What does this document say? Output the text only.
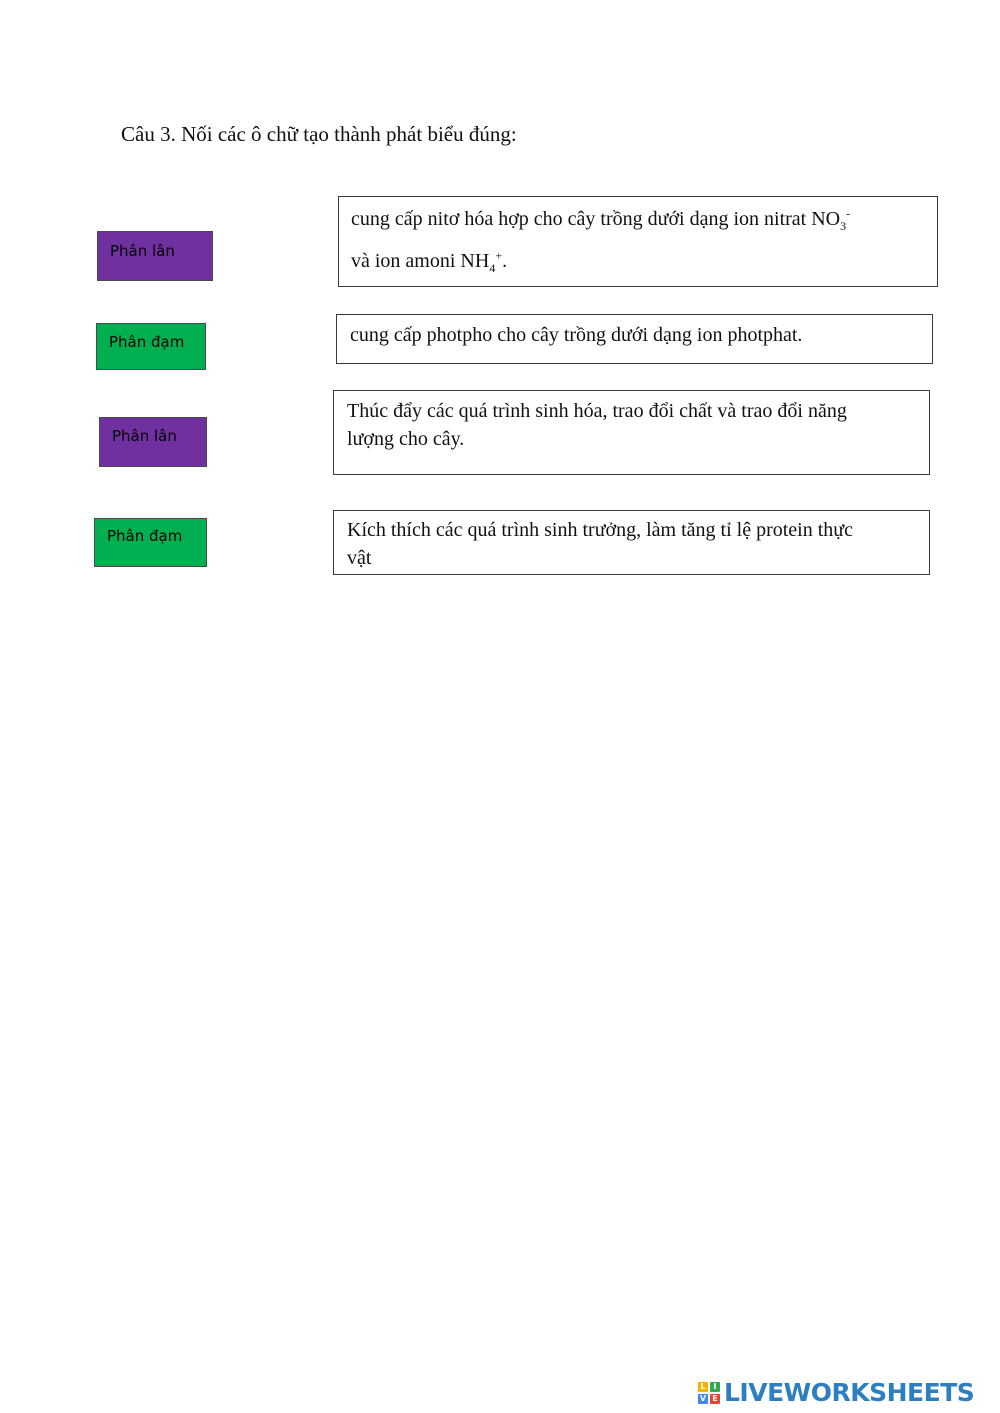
Câu 3. Nối các ô chữ tạo thành phát biểu đúng:
Phân lân
Phân đạm
Phân lân
Phân đạm
cung cấp nitơ hóa hợp cho cây trồng dưới dạng ion nitrat $NO_3^-$
và ion amoni $NH_4^+$.
cung cấp photpho cho cây trồng dưới dạng ion photphat.
Thúc đẩy các quá trình sinh hóa, trao đổi chất và trao đổi năng
lượng cho cây.
Kích thích các quá trình sinh trưởng, làm tăng tỉ lệ protein thực
vật
L I
V E LIVEWORKSHEETS
